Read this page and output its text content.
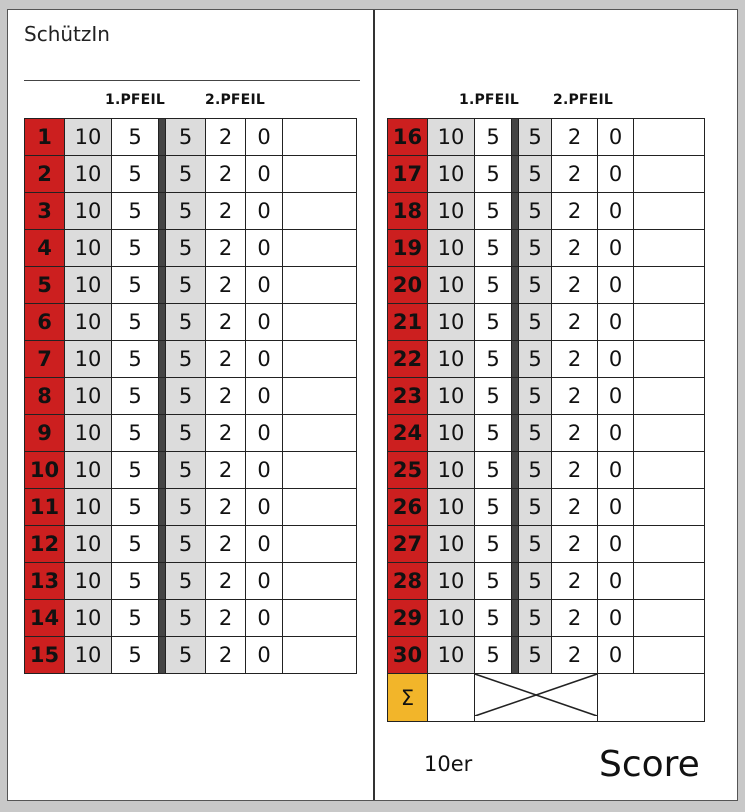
SchützIn
1.PFEIL	2.PFEIL	1.PFEIL 2.PFEIL
1	10	5		5	2	0	
2	10	5		5	2	0	
3	10	5		5	2	0	
4	10	5		5	2	0	
5	10	5		5	2	0	
6	10	5		5	2	0	
7	10	5		5	2	0	
8	10	5		5	2	0	
9	10	5		5	2	0	
10	10	5		5	2	0	
11	10	5		5	2	0	
12	10	5		5	2	0	
13	10	5		5	2	0	
14	10	5		5	2	0	
15	10	5		5	2	0	
16	10	5		5	2	0	
17	10	5		5	2	0	
18	10	5		5	2	0	
19	10	5		5	2	0	
20	10	5		5	2	0	
21	10	5		5	2	0	
22	10	5		5	2	0	
23	10	5		5	2	0	
24	10	5		5	2	0	
25	10	5		5	2	0	
26	10	5		5	2	0	
27	10	5		5	2	0	
28	10	5		5	2	0	
29	10	5		5	2	0	
30	10	5		5	2	0	
Σ			
10er	Score
